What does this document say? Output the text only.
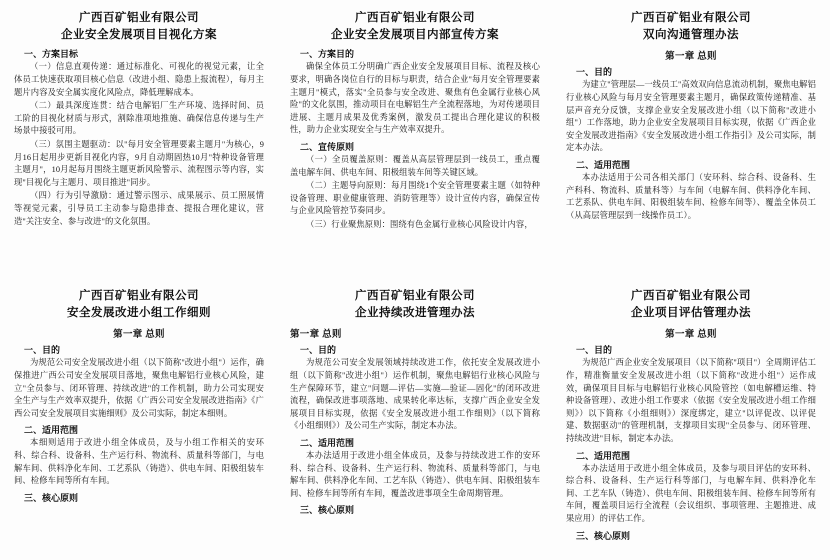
广西百矿铝业有限公司
企业安全发展项目目视化方案
一、方案目标

（一）信息直观传递：通过标准化、可视化的视觉元素，让全体员工快速获取项目核心信息（改进小组、隐患上报流程），每月主题片内容及安全属实度化风险点，降低理解成本。

（二）最具深度连贯：结合电解铝厂生产环境、选择时间、员工阶的目视化材质与形式，割除准项地推施、确保信息传递与生产场景中接驳可用。

（三）氛围主题驱动：以"每月安全管理要素主题月"为核心，9月16日起用步更新目视化内容，9月自动期固热10月"特种设备管理主题月"，10月起每月围绕主题更新风险警示、流程图示等内容，实现"目视化与主题月、项目推进"同步。

（四）行为引导激励：通过警示图示、成果展示、员工照展情等视觉元素，引导员工主动参与隐患排查、提报合理化建议，营造"关注安全、参与改进"的文化氛围。

广西百矿铝业有限公司
企业安全发展项目内部宣传方案
一、方案目的

确保全体员工分明确广西企业安全发展项目目标、流程及核心要求，明确各岗位自行的目标与职责，结合企业"每月安全管理要素主题月"模式，落实"全员参与安全改进、聚焦有色金属行业核心风险"的文化氛围，推动项目在电解铝生产全流程落地，为对传递项目进展、主题月成果及优秀案例，激发员工提出合理化建议的积极性，助力企业实现安全与生产效率双提升。

二、宣传原则

（一）全员覆盖原则：覆盖从高层管理层到一线员工，重点覆盖电解车间、供电车间、阳极组装车间等关键区域。

（二）主题导向原则：每月围绕1个安全管理要素主题（如特种设备管理、职业健康管理、消防管理等）设计宣传内容，确保宣传与企业风险管控节奏同步。

（三）行业聚焦原则：围绕有色金属行业核心风险设计内容，

广西百矿铝业有限公司
双向沟通管理办法
第一章 总则
一、目的

为建立"管理层—一线员工"高效双向信息流动机制，聚焦电解铝行业核心风险与每月安全管理要素主题月，确保政策传递精准、基层声音充分反馈，支撑企业安全发展改进小组（以下简称"改进小组"）工作落地，助力企业安全发展项目目标实现，依据《广西企业安全发展改进指南》《安全发展改进小组工作指引》及公司实际，制定本办法。

二、适用范围

本办法适用于公司各相关部门（安环科、综合科、设备科、生产科科、物流科、质量科等）与车间（电解车间、供料净化车间、工艺系队、供电车间、阳极组装车间、检修车间等）、覆盖全体员工（从高层管理层到一线操作员工）。

广西百矿铝业有限公司
安全发展改进小组工作细则
第一章 总则
一、目的

为规范公司安全发展改进小组（以下简称"改进小组"）运作，确保推进广西公司安全发展项目落地，聚焦电解铝行业核心风险，建立"全员参与、闭环管理、持续改进"的工作机制，助力公司实现安全生产与生产效率双提升，依据《广西公司安全发展改进指南》《广西公司安全发展项目实施细则》及公司实际，制定本细则。

二、适用范围

本细则适用于改进小组全体成员，及与小组工作相关的安环科、综合科、设备科、生产运行科、物流科、质量科等部门，与电解车间、供料净化车间、工艺系队（铸造）、供电车间、阳极组装车间、检修车间等所有车间。

三、核心原则
广西百矿铝业有限公司
企业持续改进管理办法
第一章 总则
一、目的

为规范公司安全发展领域持续改进工作，依托安全发展改进小组（以下简称"改进小组"）运作机制，聚焦电解铝行业核心风险与生产保障环节，建立"问题—评估—实施—验证—固化"的闭环改进流程，确保改进事项落地、成果转化率达标，支撑广西企业安全发展项目目标实现，依据《安全发展改进小组工作细则》（以下简称《小组细则》）及公司生产实际，制定本办法。

二、适用范围

本办法适用于改进小组全体成员，及参与持续改进工作的安环科、综合科、设备科、生产运行科、物流科、质量科等部门，与电解车间、供料净化车间、工艺车队（铸造）、供电车间、阳极组装车间、检修车间等所有车间，覆盖改进事项全生命周期管理。

三、核心原则
广西百矿铝业有限公司
企业项目评估管理办法
第一章 总则
一、目的

为规范广西企业安全发展项目（以下简称"项目"）全周期评估工作，精准衡量安全发展改进小组（以下简称"改进小组"）运作成效，确保项目目标与电解铝行业核心风险管控（如电解槽运维、特种设备管理）、改进小组工作要求（依据《安全发展改进小组工作细则》）以下简称《小组细则》）深度绑定，建立"以评促改、以评促建、数据驱动"的管理机制，支撑项目实现"全员参与、闭环管理、持续改进"目标，制定本办法。

二、适用范围

本办法适用于改进小组全体成员，及参与项目评估的安环科、综合科、设备科、生产运行科等部门，与电解车间、供料净化车间、工艺车队（铸造）、供电车间、阳极组装车间、检修车间等所有车间，覆盖项目运行全流程（会议组织、事项管理、主题推进、成果应用）的评估工作。

三、核心原则
